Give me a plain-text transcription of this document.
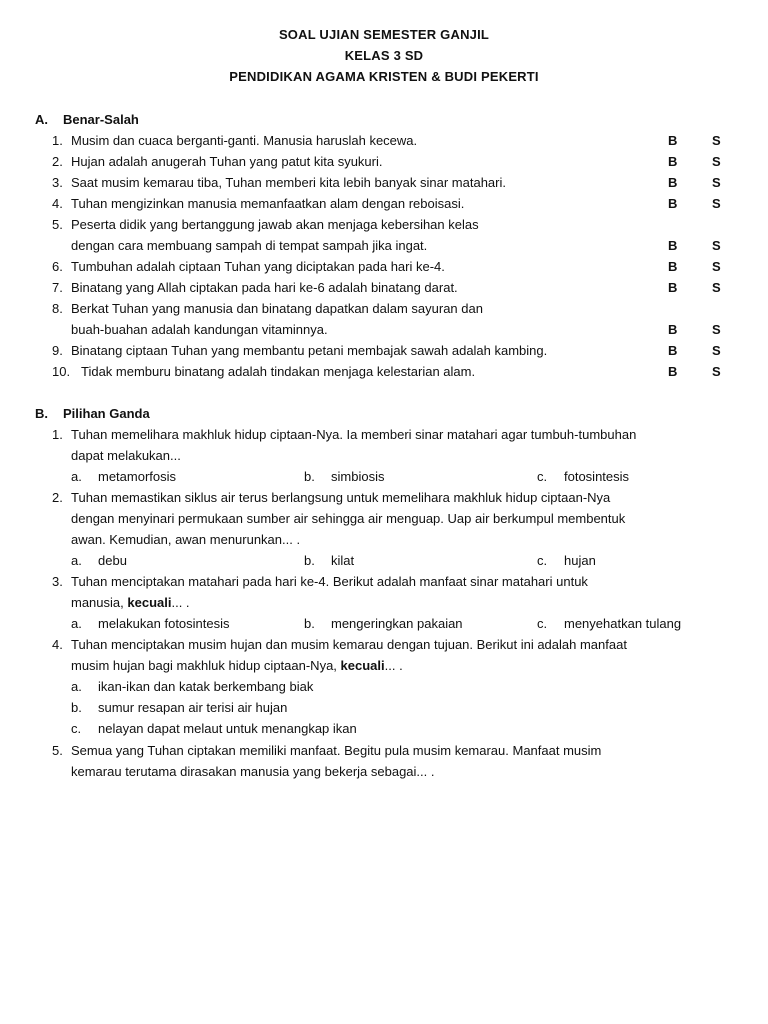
SOAL UJIAN SEMESTER GANJIL
KELAS 3 SD
PENDIDIKAN AGAMA KRISTEN & BUDI PEKERTI
A. Benar-Salah
1. Musim dan cuaca berganti-ganti. Manusia haruslah kecewa.	B	S
2. Hujan adalah anugerah Tuhan yang patut kita syukuri.	B	S
3. Saat musim kemarau tiba, Tuhan memberi kita lebih banyak sinar matahari.	B	S
4. Tuhan mengizinkan manusia memanfaatkan alam dengan reboisasi.	B	S
5. Peserta didik yang bertanggung jawab akan menjaga kebersihan kelas
dengan cara membuang sampah di tempat sampah jika ingat.	B	S
6. Tumbuhan adalah ciptaan Tuhan yang diciptakan pada hari ke-4.	B	S
7. Binatang yang Allah ciptakan pada hari ke-6 adalah binatang darat.	B	S
8. Berkat Tuhan yang manusia dan binatang dapatkan dalam sayuran dan
buah-buahan adalah kandungan vitaminnya.	B	S
9. Binatang ciptaan Tuhan yang membantu petani membajak sawah adalah kambing.	B	S
10. Tidak memburu binatang adalah tindakan menjaga kelestarian alam.	B	S
B. Pilihan Ganda
1. Tuhan memelihara makhluk hidup ciptaan-Nya. Ia memberi sinar matahari agar tumbuh-tumbuhan
dapat melakukan...
a. metamorfosis	b. simbiosis	c. fotosintesis
2. Tuhan memastikan siklus air terus berlangsung untuk memelihara makhluk hidup ciptaan-Nya
dengan menyinari permukaan sumber air sehingga air menguap. Uap air berkumpul membentuk
awan. Kemudian, awan menurunkan... .
a. debu	b. kilat	c. hujan
3. Tuhan menciptakan matahari pada hari ke-4. Berikut adalah manfaat sinar matahari untuk
manusia, kecuali... .
a. melakukan fotosintesis	b. mengeringkan pakaian	c. menyehatkan tulang
4. Tuhan menciptakan musim hujan dan musim kemarau dengan tujuan. Berikut ini adalah manfaat
musim hujan bagi makhluk hidup ciptaan-Nya, kecuali... .
a. ikan-ikan dan katak berkembang biak
b. sumur resapan air terisi air hujan
c. nelayan dapat melaut untuk menangkap ikan
5. Semua yang Tuhan ciptakan memiliki manfaat. Begitu pula musim kemarau. Manfaat musim
kemarau terutama dirasakan manusia yang bekerja sebagai... .
